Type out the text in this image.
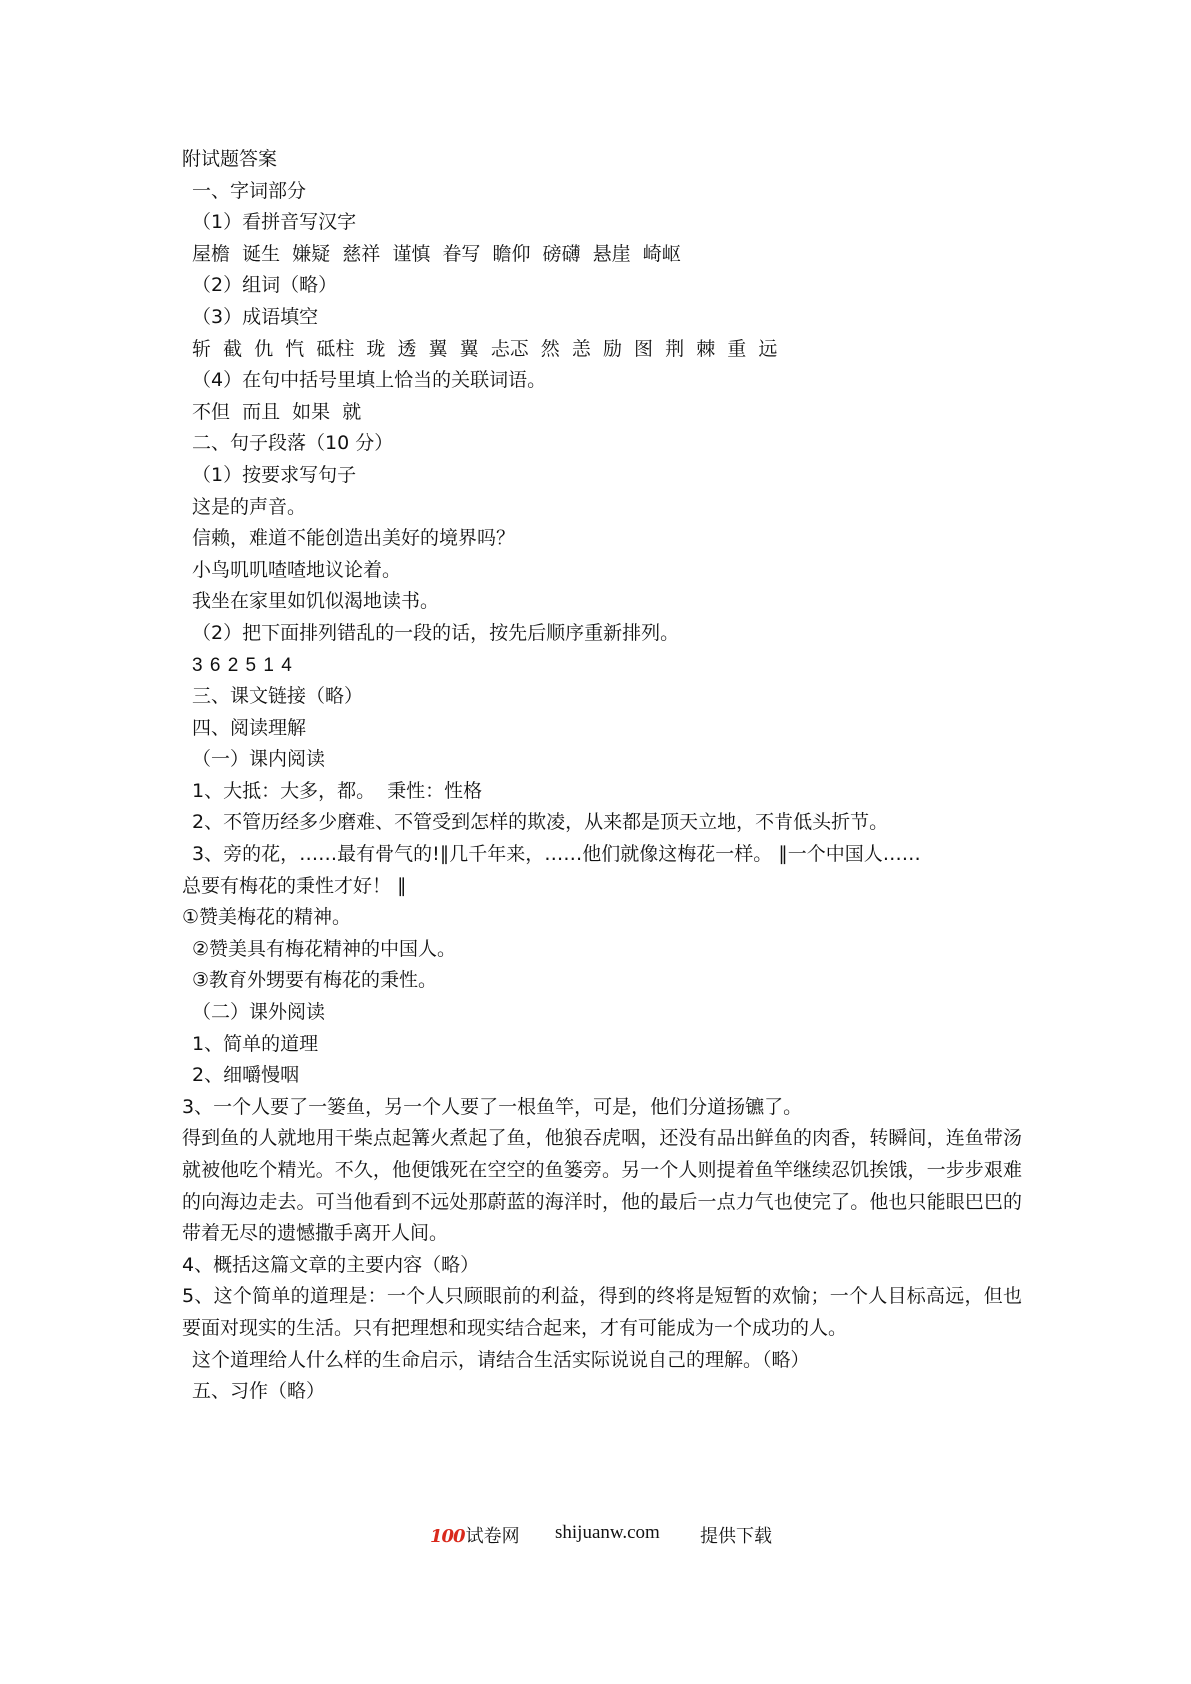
附试题答案

一、字词部分

（1）看拼音写汉字

屋檐  诞生  嫌疑  慈祥  谨慎  眷写  瞻仰  磅礴  悬崖  崎岖

（2）组词（略）

（3）成语填空

斩  截  仇  忾  砥柱  珑  透  翼  翼  忐忑  然  恙  励  图  荆  棘  重  远

（4）在句中括号里填上恰当的关联词语。

不但  而且  如果  就

二、句子段落（10 分）

（1）按要求写句子

这是的声音。

信赖，难道不能创造出美好的境界吗？

小鸟叽叽喳喳地议论着。

我坐在家里如饥似渴地读书。

（2）把下面排列错乱的一段的话，按先后顺序重新排列。

3 6 2 5 1 4

三、课文链接（略）

四、阅读理解

（一）课内阅读

1、大抵：大多，都。  秉性：性格

2、不管历经多少磨难、不管受到怎样的欺凌，从来都是顶天立地，不肯低头折节。

3、旁的花，……最有骨气的!∥几千年来，……他们就像这梅花一样。 ∥一个中国人……

总要有梅花的秉性才好！ ∥

①赞美梅花的精神。

②赞美具有梅花精神的中国人。

③教育外甥要有梅花的秉性。

（二）课外阅读

1、简单的道理

2、细嚼慢咽

3、一个人要了一篓鱼，另一个人要了一根鱼竿，可是，他们分道扬镳了。

得到鱼的人就地用干柴点起篝火煮起了鱼，他狼吞虎咽，还没有品出鲜鱼的肉香，转瞬间，连鱼带汤就被他吃个精光。不久，他便饿死在空空的鱼篓旁。另一个人则提着鱼竿继续忍饥挨饿，一步步艰难的向海边走去。可当他看到不远处那蔚蓝的海洋时，他的最后一点力气也使完了。他也只能眼巴巴的带着无尽的遗憾撒手离开人间。

4、概括这篇文章的主要内容（略）

5、这个简单的道理是：一个人只顾眼前的利益，得到的终将是短暂的欢愉；一个人目标高远，但也要面对现实的生活。只有把理想和现实结合起来，才有可能成为一个成功的人。

这个道理给人什么样的生命启示，请结合生活实际说说自己的理解。（略）

五、习作（略）

100 试卷网 shijuanw.com 提供下载
